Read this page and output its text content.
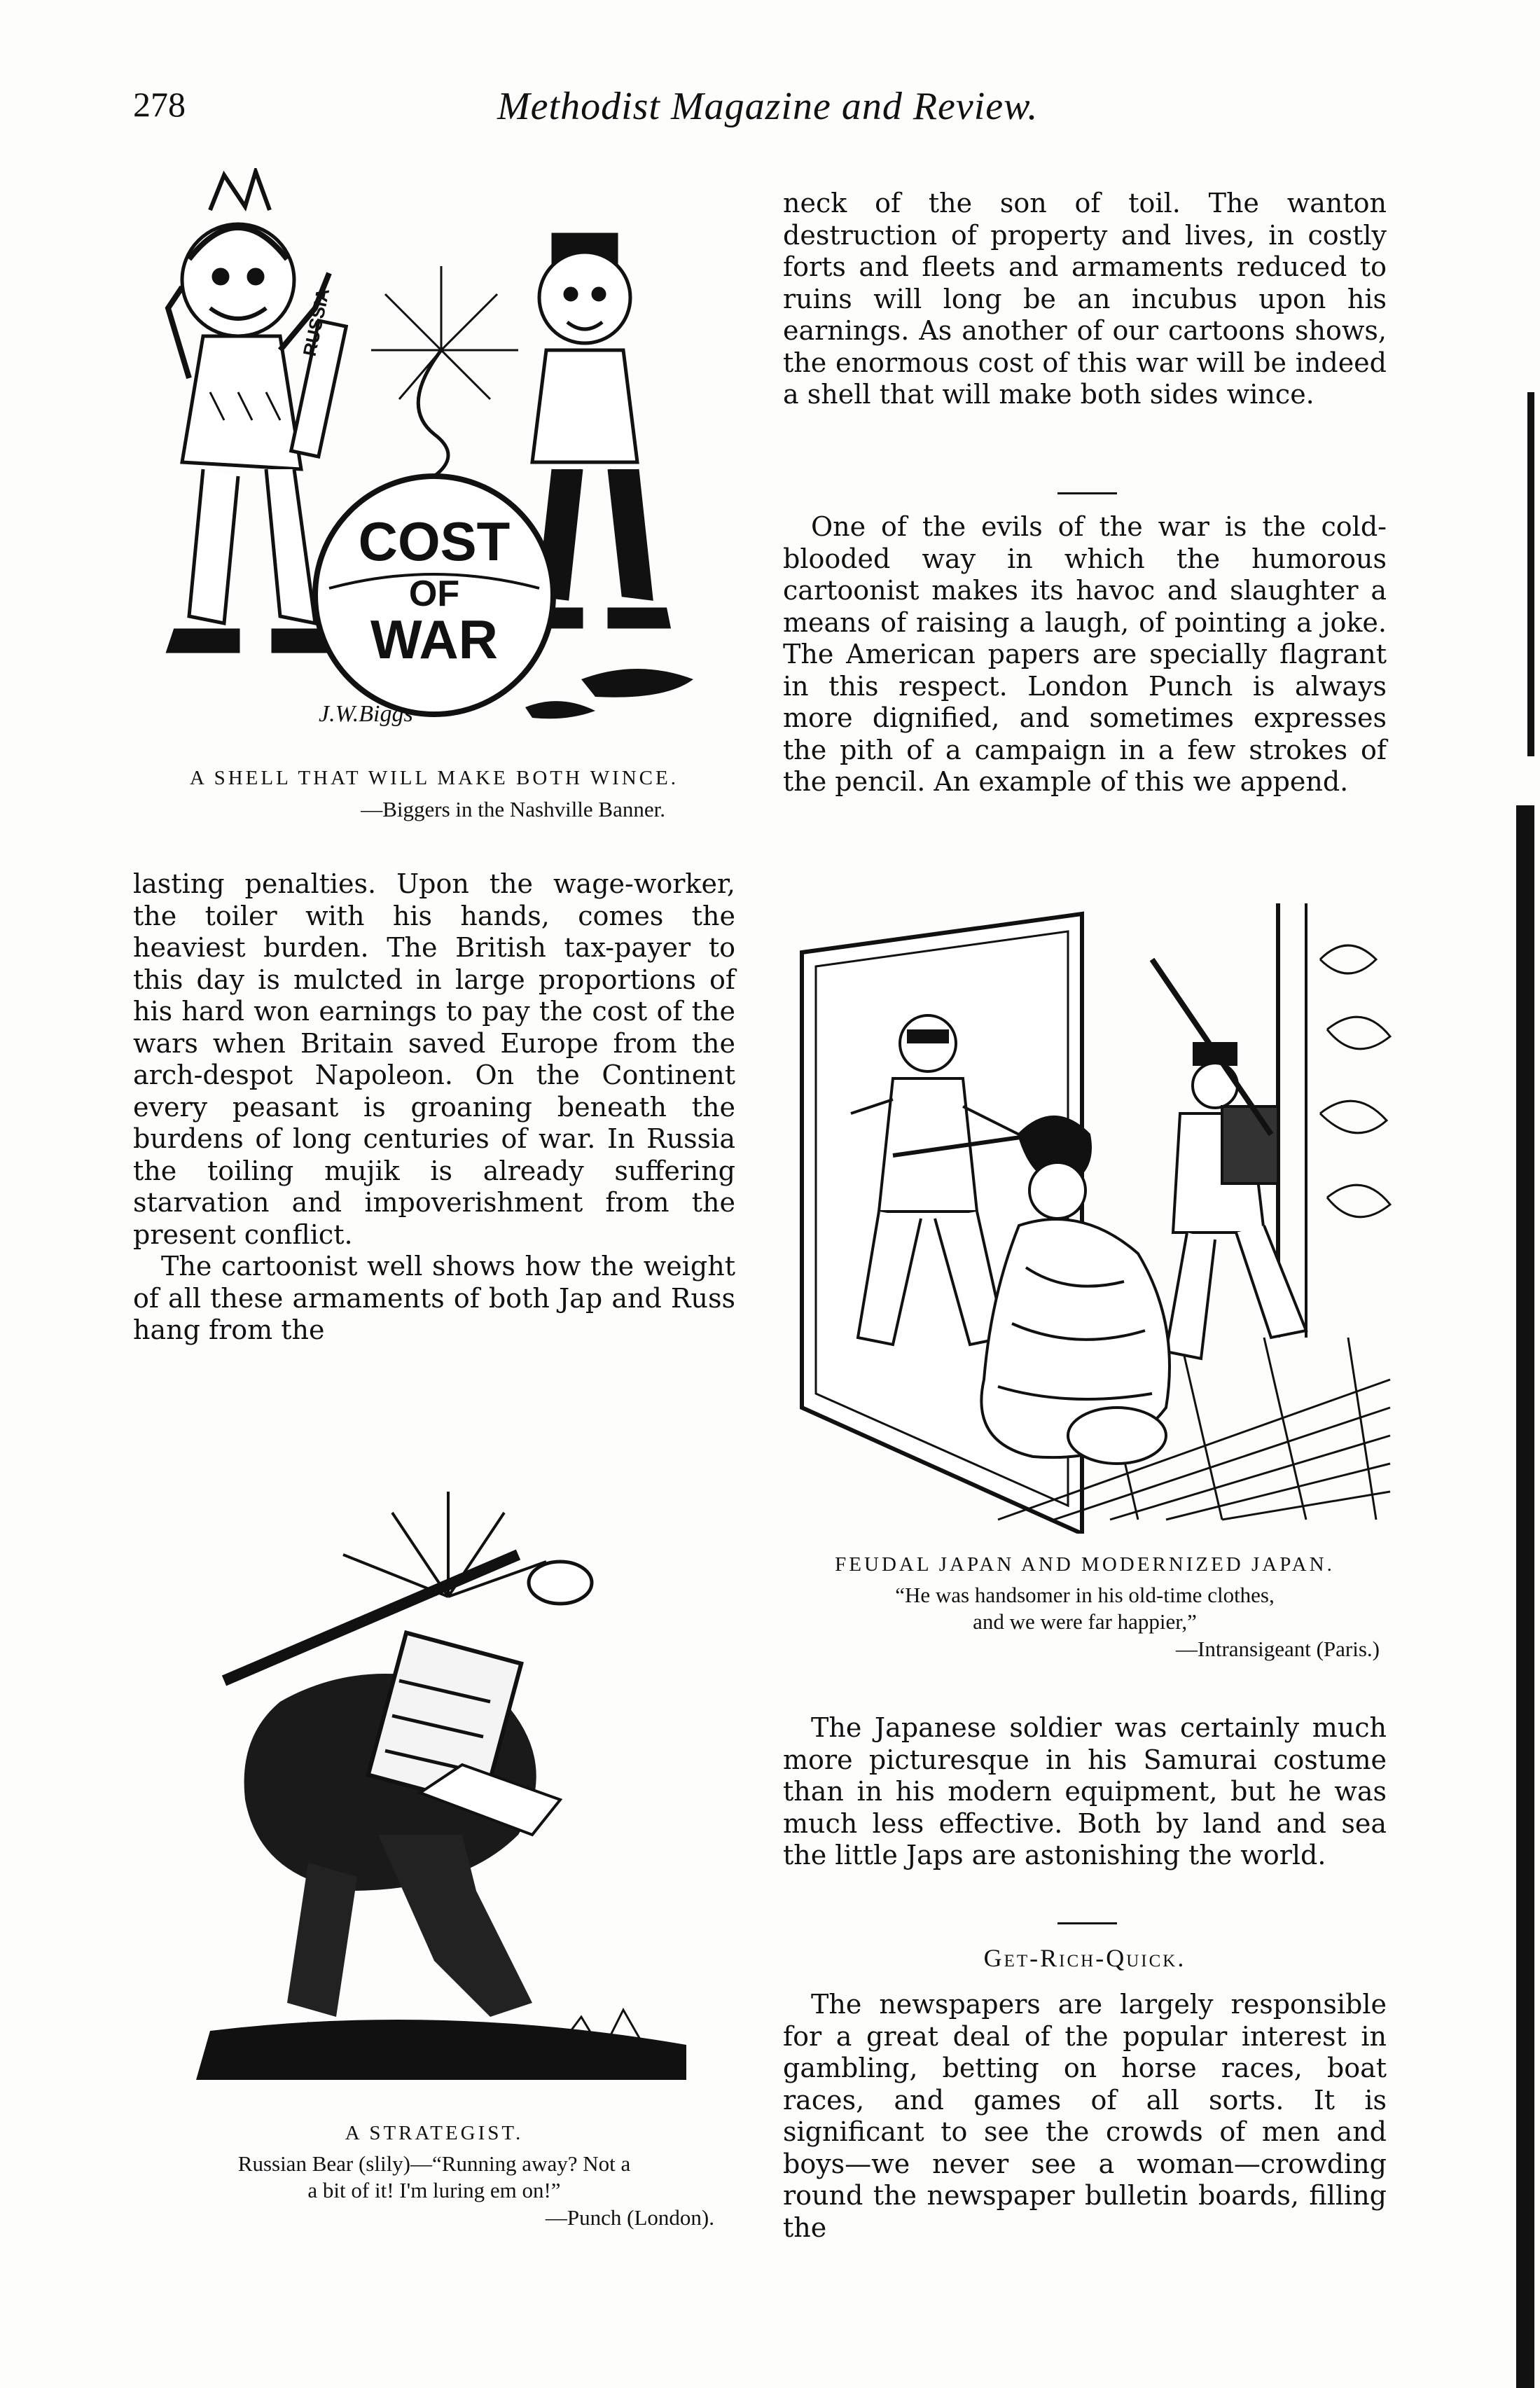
278	Methodist Magazine and Review.
COST
OF
WAR
RUSSIA
J.W.Biggs

A SHELL THAT WILL MAKE BOTH WINCE.

—Biggers in the Nashville Banner.

lasting penalties. Upon the wage-worker, the toiler with his hands, comes the heaviest burden. The British tax-payer to this day is mulcted in large proportions of his hard won earnings to pay the cost of the wars when Britain saved Europe from the arch-despot Napoleon. On the Continent every peasant is groaning beneath the burdens of long centuries of war. In Russia the toiling mujik is already suffering starvation and impoverishment from the present conflict.

The cartoonist well shows how the weight of all these armaments of both Jap and Russ hang from the

A STRATEGIST.

Russian Bear (slily)—“Running away? Not a

a bit of it! I'm luring em on!”

—Punch (London).

neck of the son of toil. The wanton destruction of property and lives, in costly forts and fleets and armaments reduced to ruins will long be an incubus upon his earnings. As another of our cartoons shows, the enormous cost of this war will be indeed a shell that will make both sides wince.

One of the evils of the war is the cold-blooded way in which the humorous cartoonist makes its havoc and slaughter a means of raising a laugh, of pointing a joke. The American papers are specially flagrant in this respect. London Punch is always more dignified, and sometimes expresses the pith of a campaign in a few strokes of the pencil. An example of this we append.

FEUDAL JAPAN AND MODERNIZED JAPAN.

“He was handsomer in his old-time clothes,

and we were far happier,”

—Intransigeant (Paris.)

The Japanese soldier was certainly much more picturesque in his Samurai costume than in his modern equipment, but he was much less effective. Both by land and sea the little Japs are astonishing the world.

Get-Rich-Quick.

The newspapers are largely responsible for a great deal of the popular interest in gambling, betting on horse races, boat races, and games of all sorts. It is significant to see the crowds of men and boys—we never see a woman—crowding round the newspaper bulletin boards, filling the
